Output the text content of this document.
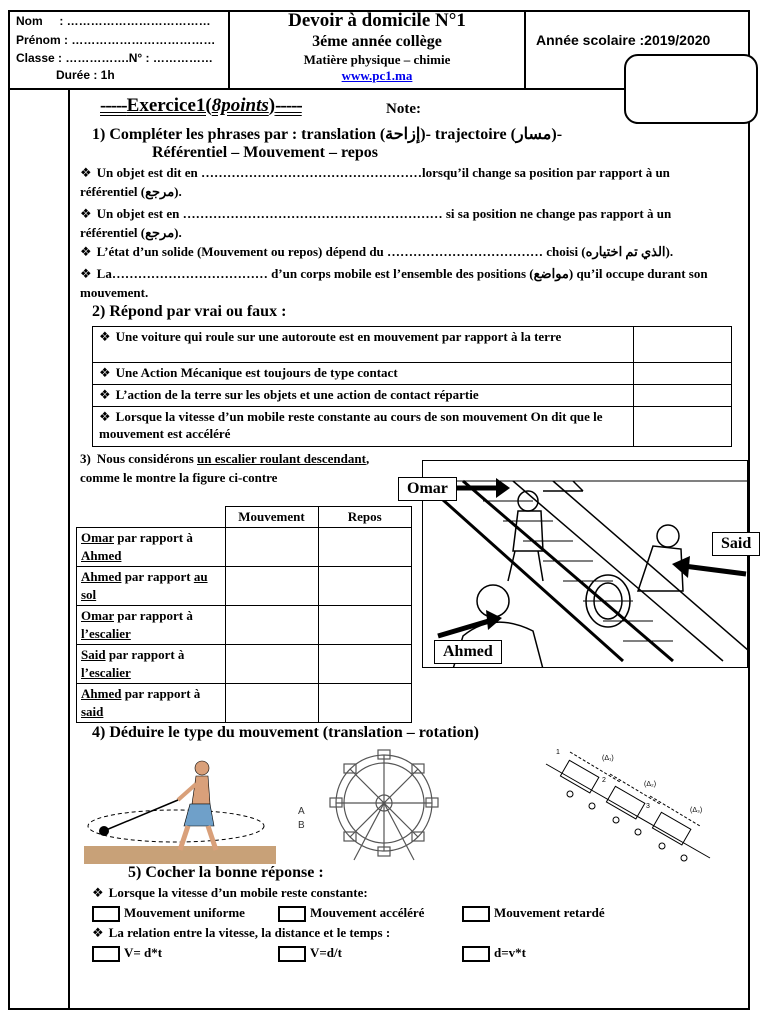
Nom     : ………………………………
Prénom : ………………………………
Classe : …………….N° : ……………
Durée : 1h
Devoir à domicile N°1
3éme année collège
Matière physique – chimie
www.pc1.ma
Année scolaire :2019/2020
-----Exercice1(8points)-----	Note:
1) Compléter les phrases par : translation (إزاحة)- trajectoire (مسار)-
Référentiel – Mouvement – repos
❖ Un objet est dit en ……………………………………………lorsqu’il change sa position par rapport à un référentiel (مرجع).
❖ Un objet est en …………………………………………………… si sa position ne change pas rapport à un référentiel (مرجع).
❖ L’état d’un solide (Mouvement ou repos) dépend du ……………………………… choisi (الذي تم اختياره).
❖ La……………………………… d’un corps mobile est l’ensemble des positions (مواضع) qu’il occupe durant son mouvement.
2) Répond par vrai ou faux :
❖ Une voiture qui roule sur une autoroute est en mouvement par rapport à la terre	
❖ Une Action Mécanique est toujours de type contact	
❖ L’action de la terre sur les objets et une action de contact répartie	
❖ Lorsque la vitesse d’un mobile reste constante au cours de son mouvement On dit que le mouvement est accéléré	
3) Nous considérons un escalier roulant descendant, comme le montre la figure ci-contre
	Mouvement	Repos
Omar par rapport à Ahmed		
Ahmed par rapport au sol		
Omar par rapport à l’escalier		
Said par rapport à l’escalier		
Ahmed par rapport à said		
Omar
Said
Ahmed
4) Déduire le type du mouvement (translation – rotation)
A
B
(Δ₁)
(Δ₂)
(Δ₃)
1
2
3
5) Cocher la bonne réponse :
❖ Lorsque la vitesse d’un mobile reste constante:
Mouvement uniforme	Mouvement accéléré	Mouvement retardé
❖ La relation entre la vitesse, la distance et le temps :
V= d*t	V=d/t	d=v*t
